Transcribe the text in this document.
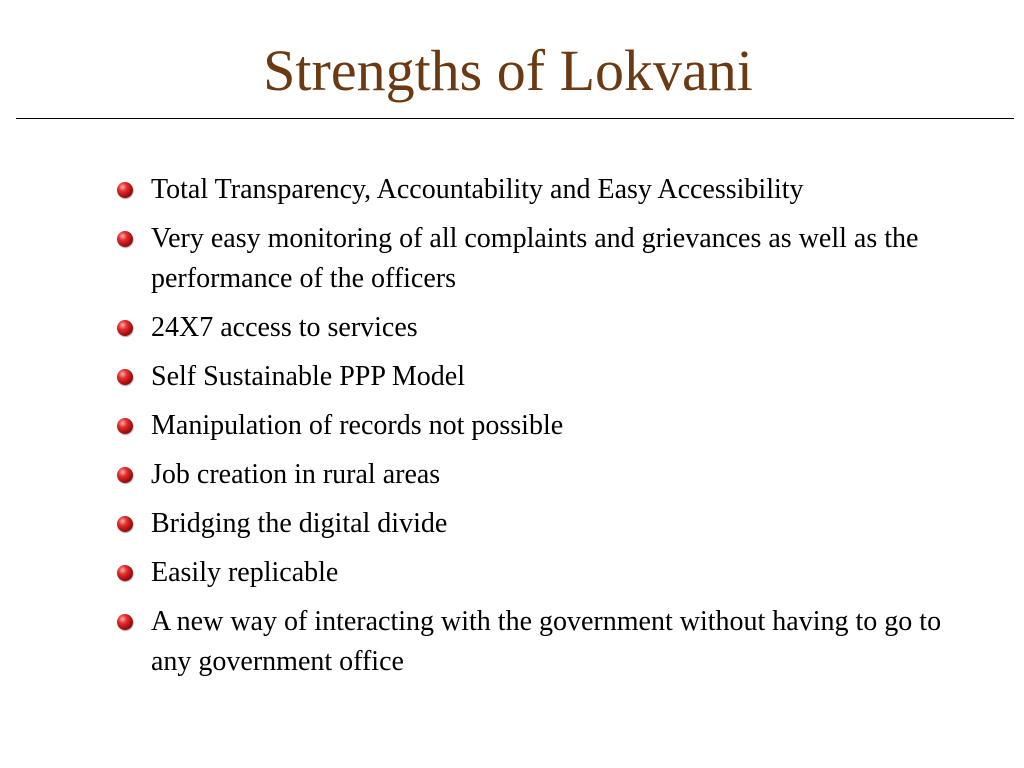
Strengths of Lokvani
Total Transparency, Accountability and Easy Accessibility
Very easy monitoring of all complaints and grievances as well as the performance of the officers
24X7 access to services
Self Sustainable PPP Model
Manipulation of records not possible
Job creation in rural areas
Bridging the digital divide
Easily replicable
A new way of interacting with the government without having to go to any government office
